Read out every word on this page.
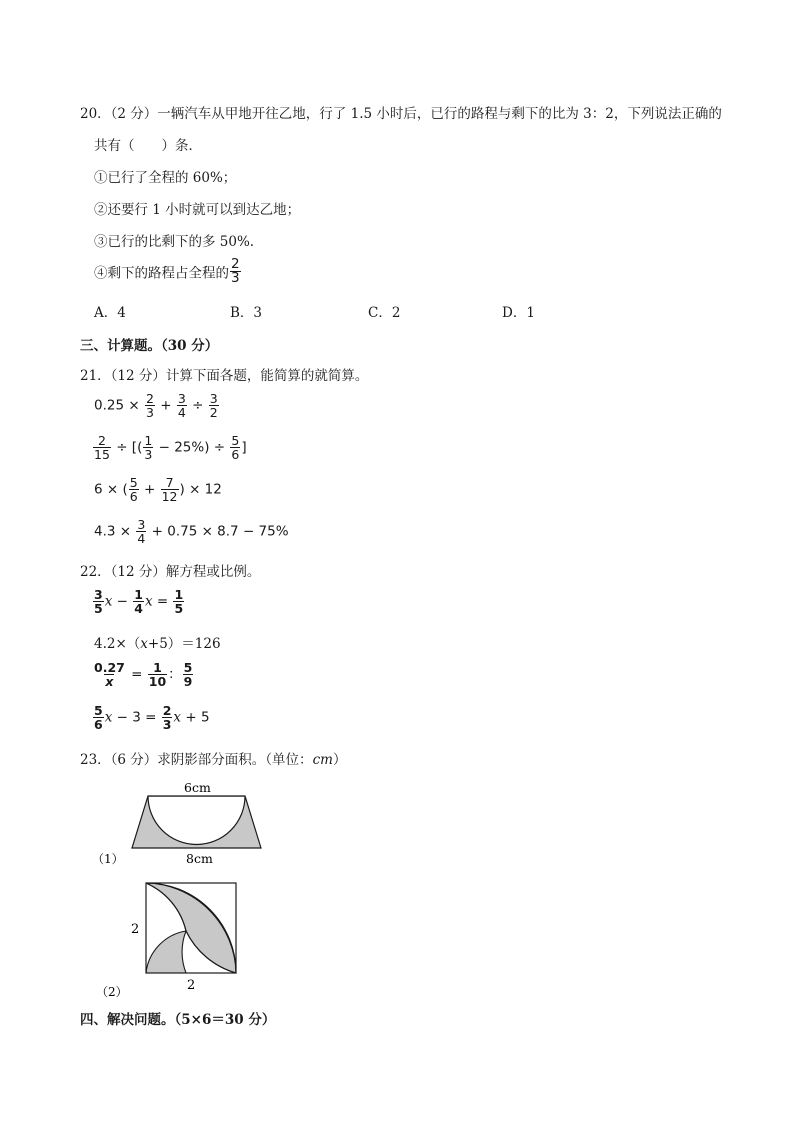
20．（2 分）一辆汽车从甲地开往乙地，行了 1.5 小时后，已行的路程与剩下的比为 3：2，下列说法正确的
共有（　　）条．
①已行了全程的 60%；
②还要行 1 小时就可以到达乙地；
③已行的比剩下的多 50%.
④剩下的路程占全程的 $\frac{2}{3}$
A．4	B．3	C．2	D．1
三、计算题。（30 分）
21．（12 分）计算下面各题，能简算的就简算。
$0.25 \times \frac{2}{3} + \frac{3}{4} \div \frac{3}{2}$
$\frac{2}{15}$ ÷ [( $\frac{1}{3} - 25\%) \div \frac{5}{6}$ ]
6 × ( $\frac{5}{6} + \frac{7}{12}$ ) × 12
$4.3 \times \frac{3}{4} + 0.75 \times 8.7 - 75\%$
22．（12 分）解方程或比例。
$\frac{3}{5}$ $x - \frac{1}{4}$ $x = \frac{1}{5}$
4.2×（x+5）＝126
$\frac{0.27}{x} = \frac{1}{10}$ ： $\frac{5}{9}$
$\frac{5}{6}$ $x - 3 = \frac{2}{3}$ x + 5
23．（6 分）求阴影部分面积。（单位：cm）
6cm
8cm
（1）
2
2
（2）
四、解决问题。（5×6＝30 分）
